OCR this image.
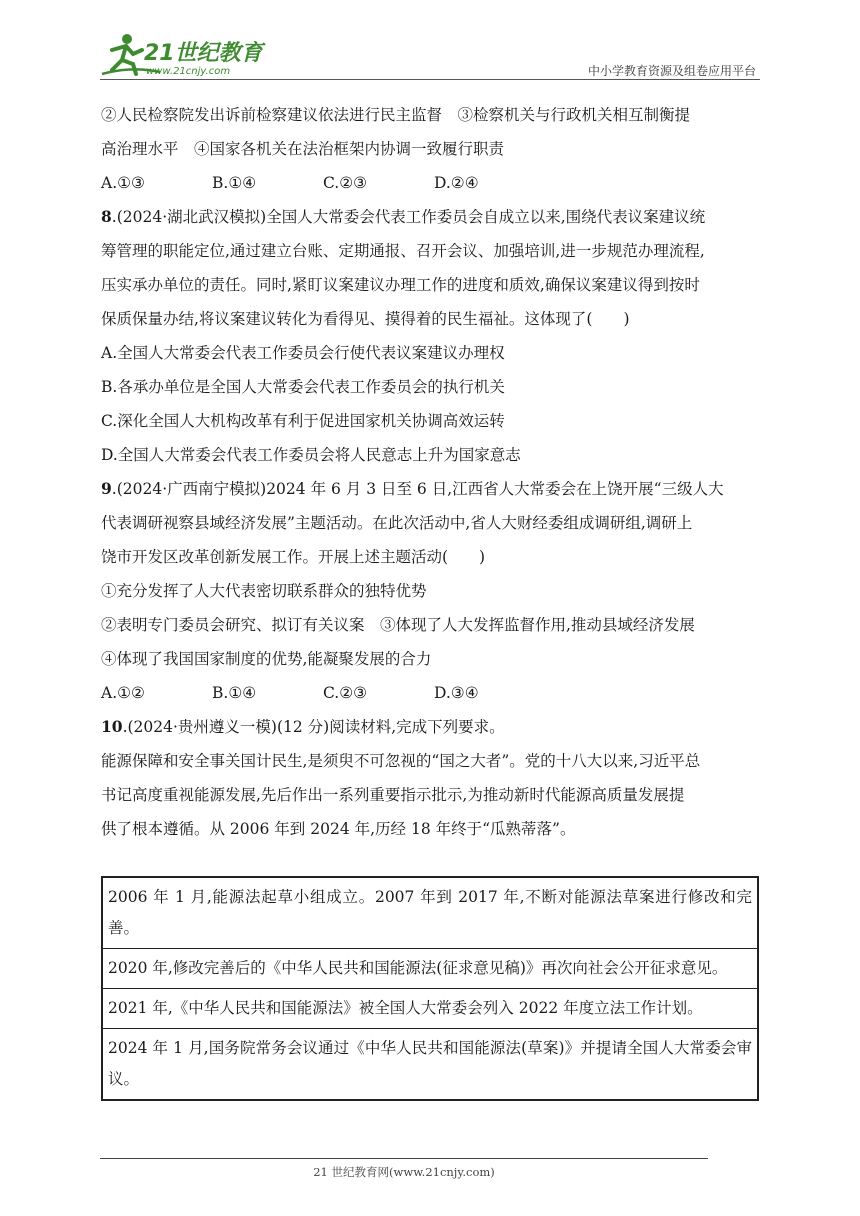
21世纪教育
www.21cnjy.com	中小学教育资源及组卷应用平台

②人民检察院发出诉前检察建议依法进行民主监督　③检察机关与行政机关相互制衡提

高治理水平　④国家各机关在法治框架内协调一致履行职责

A.①③	B.①④	C.②③	D.②④

8.(2024·湖北武汉模拟)全国人大常委会代表工作委员会自成立以来,围绕代表议案建议统

筹管理的职能定位,通过建立台账、定期通报、召开会议、加强培训,进一步规范办理流程,

压实承办单位的责任。同时,紧盯议案建议办理工作的进度和质效,确保议案建议得到按时

保质保量办结,将议案建议转化为看得见、摸得着的民生福祉。这体现了(　　)

A.全国人大常委会代表工作委员会行使代表议案建议办理权

B.各承办单位是全国人大常委会代表工作委员会的执行机关

C.深化全国人大机构改革有利于促进国家机关协调高效运转

D.全国人大常委会代表工作委员会将人民意志上升为国家意志

9.(2024·广西南宁模拟)2024 年 6 月 3 日至 6 日,江西省人大常委会在上饶开展“三级人大

代表调研视察县域经济发展”主题活动。在此次活动中,省人大财经委组成调研组,调研上

饶市开发区改革创新发展工作。开展上述主题活动(　　)

①充分发挥了人大代表密切联系群众的独特优势

②表明专门委员会研究、拟订有关议案　③体现了人大发挥监督作用,推动县域经济发展

④体现了我国国家制度的优势,能凝聚发展的合力

A.①②	B.①④	C.②③	D.③④

10.(2024·贵州遵义一模)(12 分)阅读材料,完成下列要求。

能源保障和安全事关国计民生,是须臾不可忽视的“国之大者”。党的十八大以来,习近平总

书记高度重视能源发展,先后作出一系列重要指示批示,为推动新时代能源高质量发展提

供了根本遵循。从 2006 年到 2024 年,历经 18 年终于“瓜熟蒂落”。

2006 年 1 月,能源法起草小组成立。2007 年到 2017 年,不断对能源法草案进行修改和完善。
2020 年,修改完善后的《中华人民共和国能源法(征求意见稿)》再次向社会公开征求意见。
2021 年,《中华人民共和国能源法》被全国人大常委会列入 2022 年度立法工作计划。
2024 年 1 月,国务院常务会议通过《中华人民共和国能源法(草案)》并提请全国人大常委会审议。
21 世纪教育网(www.21cnjy.com)
